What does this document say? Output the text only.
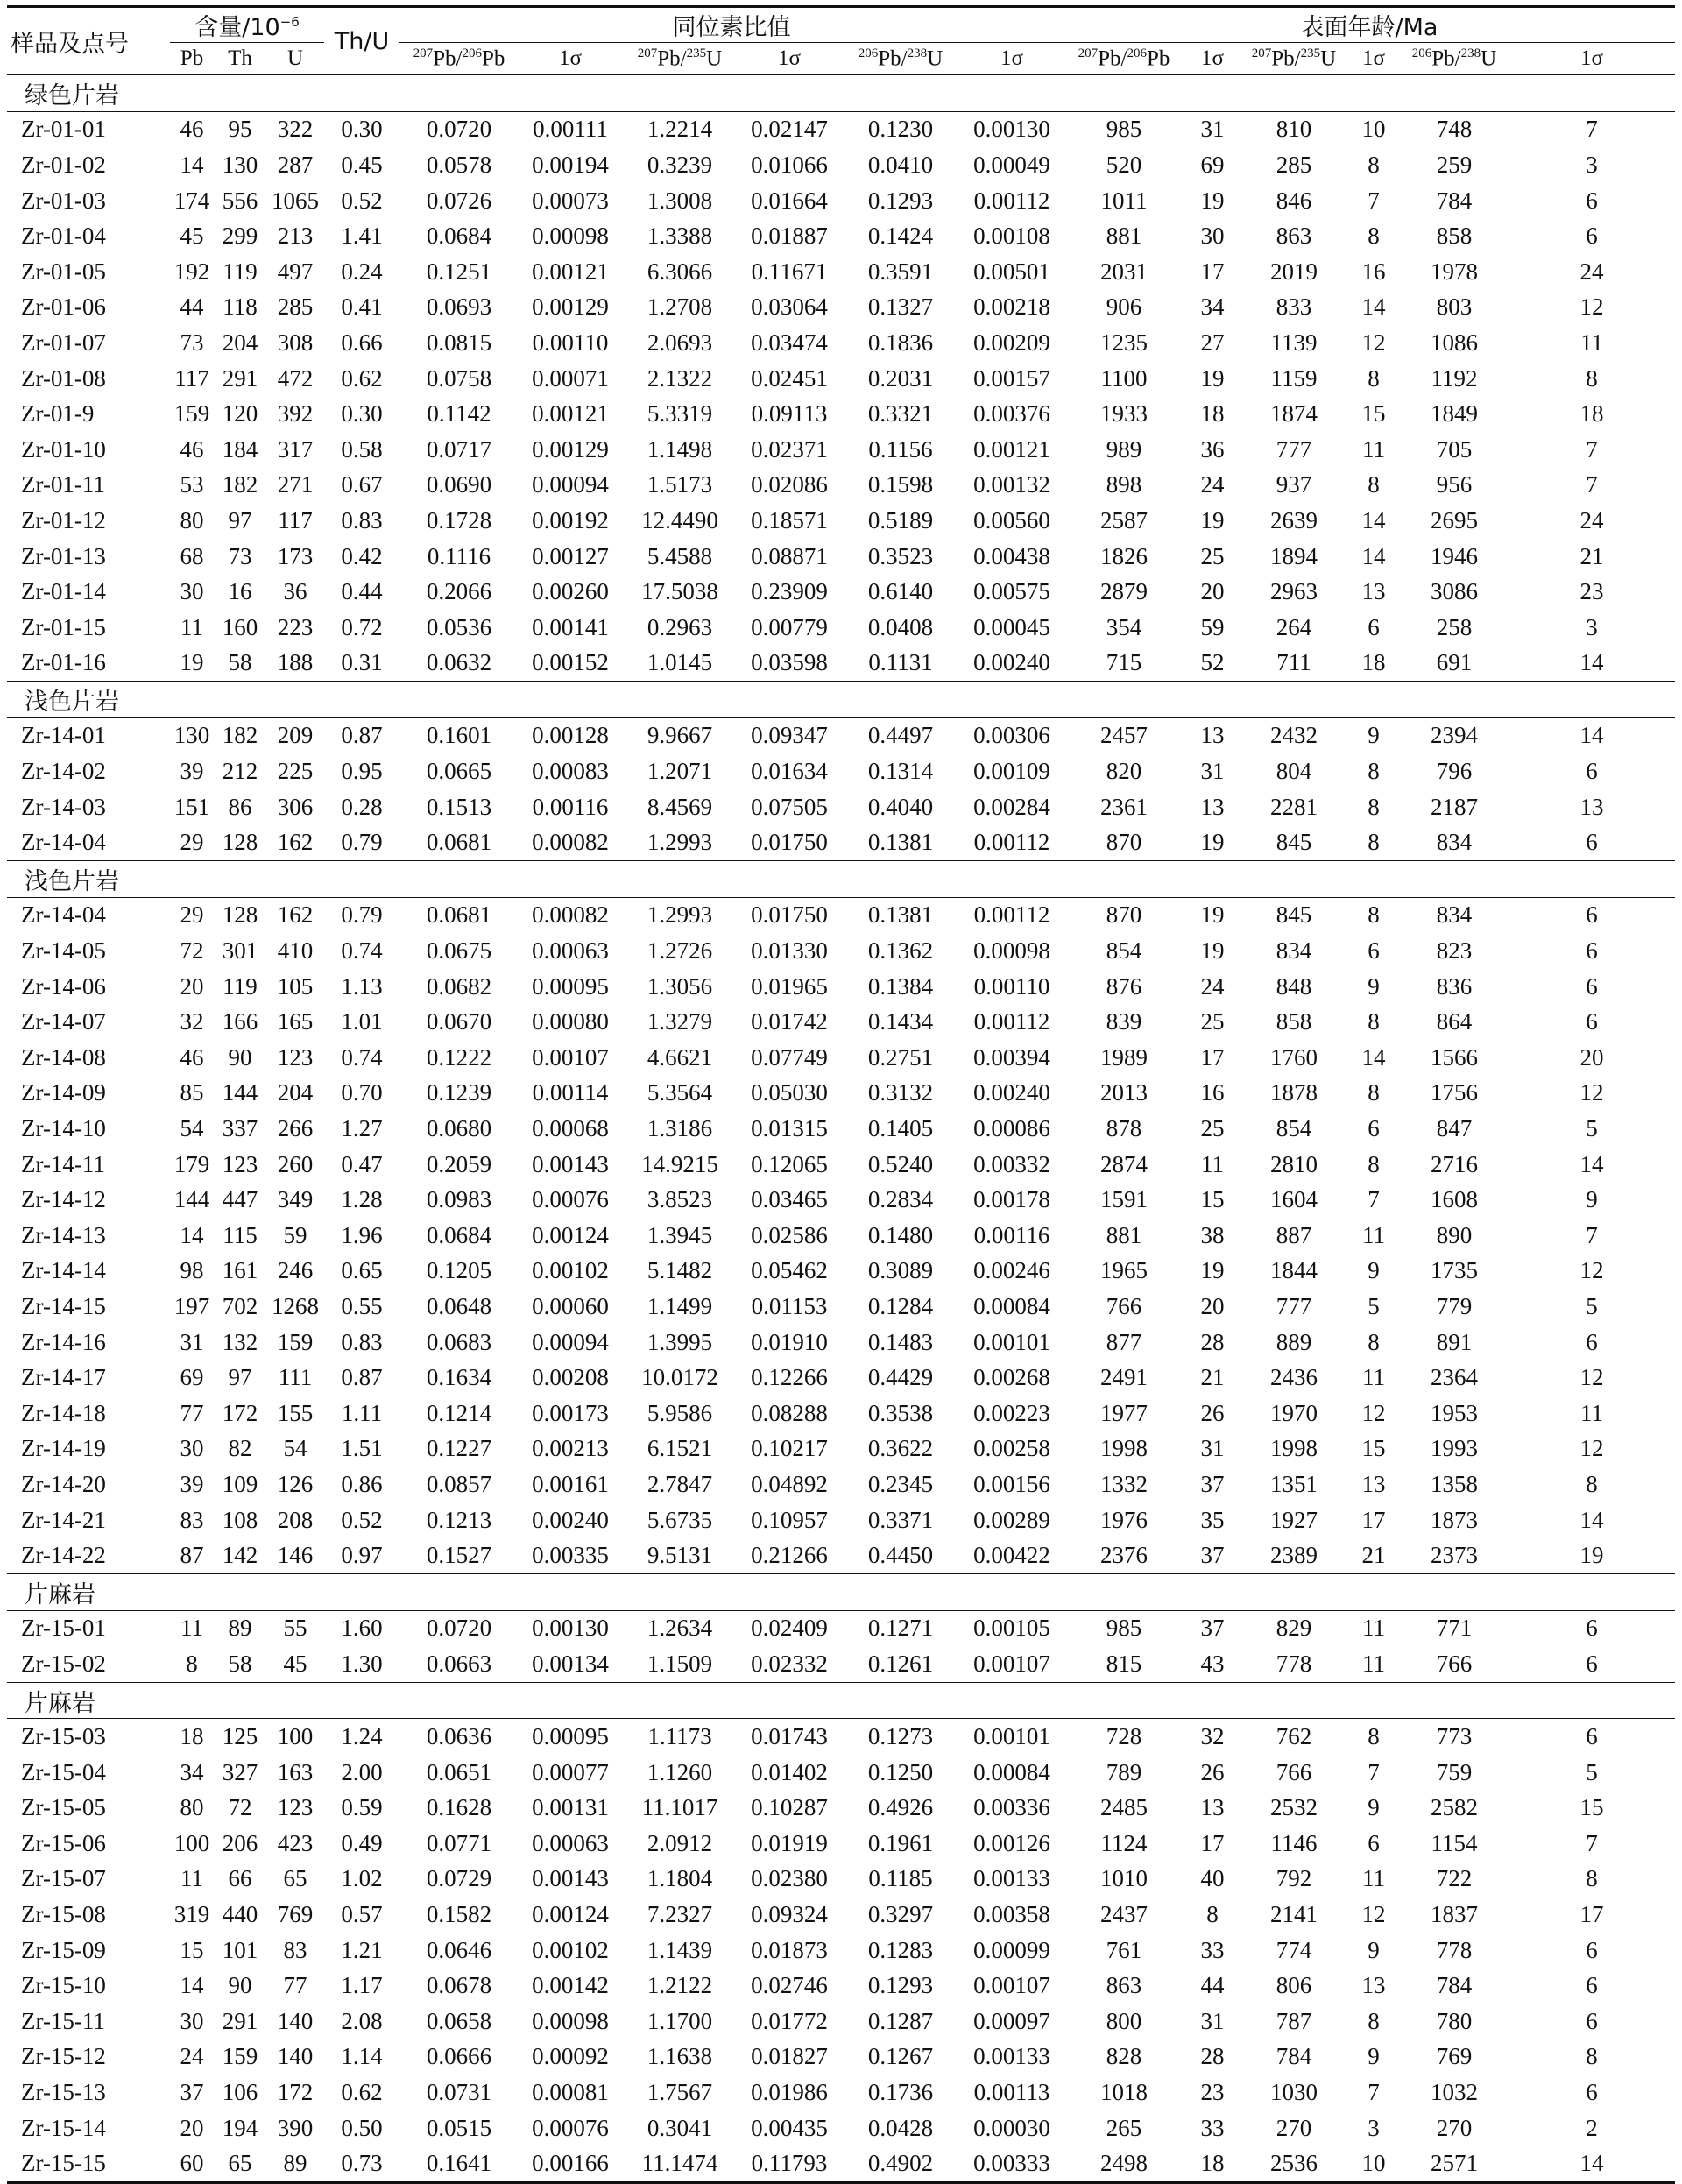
样品及点号	含量$/10^{-6}$			Th/U	同位素比值						表面年龄/Ma					
	Pb	Th	U		$^{207}$Pb/$^{206}$Pb	1σ	$^{207}$Pb/$^{235}$U	1σ	$^{206}$Pb/$^{238}$U	1σ	$^{207}$Pb/$^{206}$Pb	1σ	$^{207}$Pb/$^{235}$U	1σ	$^{206}$Pb/$^{238}$U	1σ
绿色片岩																
Zr-01-01	46	95	322	0.30	0.0720	0.00111	1.2214	0.02147	0.1230	0.00130	985	31	810	10	748	7
Zr-01-02	14	130	287	0.45	0.0578	0.00194	0.3239	0.01066	0.0410	0.00049	520	69	285	8	259	3
Zr-01-03	174	556	1065	0.52	0.0726	0.00073	1.3008	0.01664	0.1293	0.00112	1011	19	846	7	784	6
Zr-01-04	45	299	213	1.41	0.0684	0.00098	1.3388	0.01887	0.1424	0.00108	881	30	863	8	858	6
Zr-01-05	192	119	497	0.24	0.1251	0.00121	6.3066	0.11671	0.3591	0.00501	2031	17	2019	16	1978	24
Zr-01-06	44	118	285	0.41	0.0693	0.00129	1.2708	0.03064	0.1327	0.00218	906	34	833	14	803	12
Zr-01-07	73	204	308	0.66	0.0815	0.00110	2.0693	0.03474	0.1836	0.00209	1235	27	1139	12	1086	11
Zr-01-08	117	291	472	0.62	0.0758	0.00071	2.1322	0.02451	0.2031	0.00157	1100	19	1159	8	1192	8
Zr-01-9	159	120	392	0.30	0.1142	0.00121	5.3319	0.09113	0.3321	0.00376	1933	18	1874	15	1849	18
Zr-01-10	46	184	317	0.58	0.0717	0.00129	1.1498	0.02371	0.1156	0.00121	989	36	777	11	705	7
Zr-01-11	53	182	271	0.67	0.0690	0.00094	1.5173	0.02086	0.1598	0.00132	898	24	937	8	956	7
Zr-01-12	80	97	117	0.83	0.1728	0.00192	12.4490	0.18571	0.5189	0.00560	2587	19	2639	14	2695	24
Zr-01-13	68	73	173	0.42	0.1116	0.00127	5.4588	0.08871	0.3523	0.00438	1826	25	1894	14	1946	21
Zr-01-14	30	16	36	0.44	0.2066	0.00260	17.5038	0.23909	0.6140	0.00575	2879	20	2963	13	3086	23
Zr-01-15	11	160	223	0.72	0.0536	0.00141	0.2963	0.00779	0.0408	0.00045	354	59	264	6	258	3
Zr-01-16	19	58	188	0.31	0.0632	0.00152	1.0145	0.03598	0.1131	0.00240	715	52	711	18	691	14
浅色片岩																
Zr-14-01	130	182	209	0.87	0.1601	0.00128	9.9667	0.09347	0.4497	0.00306	2457	13	2432	9	2394	14
Zr-14-02	39	212	225	0.95	0.0665	0.00083	1.2071	0.01634	0.1314	0.00109	820	31	804	8	796	6
Zr-14-03	151	86	306	0.28	0.1513	0.00116	8.4569	0.07505	0.4040	0.00284	2361	13	2281	8	2187	13
Zr-14-04	29	128	162	0.79	0.0681	0.00082	1.2993	0.01750	0.1381	0.00112	870	19	845	8	834	6
浅色片岩																
Zr-14-04	29	128	162	0.79	0.0681	0.00082	1.2993	0.01750	0.1381	0.00112	870	19	845	8	834	6
Zr-14-05	72	301	410	0.74	0.0675	0.00063	1.2726	0.01330	0.1362	0.00098	854	19	834	6	823	6
Zr-14-06	20	119	105	1.13	0.0682	0.00095	1.3056	0.01965	0.1384	0.00110	876	24	848	9	836	6
Zr-14-07	32	166	165	1.01	0.0670	0.00080	1.3279	0.01742	0.1434	0.00112	839	25	858	8	864	6
Zr-14-08	46	90	123	0.74	0.1222	0.00107	4.6621	0.07749	0.2751	0.00394	1989	17	1760	14	1566	20
Zr-14-09	85	144	204	0.70	0.1239	0.00114	5.3564	0.05030	0.3132	0.00240	2013	16	1878	8	1756	12
Zr-14-10	54	337	266	1.27	0.0680	0.00068	1.3186	0.01315	0.1405	0.00086	878	25	854	6	847	5
Zr-14-11	179	123	260	0.47	0.2059	0.00143	14.9215	0.12065	0.5240	0.00332	2874	11	2810	8	2716	14
Zr-14-12	144	447	349	1.28	0.0983	0.00076	3.8523	0.03465	0.2834	0.00178	1591	15	1604	7	1608	9
Zr-14-13	14	115	59	1.96	0.0684	0.00124	1.3945	0.02586	0.1480	0.00116	881	38	887	11	890	7
Zr-14-14	98	161	246	0.65	0.1205	0.00102	5.1482	0.05462	0.3089	0.00246	1965	19	1844	9	1735	12
Zr-14-15	197	702	1268	0.55	0.0648	0.00060	1.1499	0.01153	0.1284	0.00084	766	20	777	5	779	5
Zr-14-16	31	132	159	0.83	0.0683	0.00094	1.3995	0.01910	0.1483	0.00101	877	28	889	8	891	6
Zr-14-17	69	97	111	0.87	0.1634	0.00208	10.0172	0.12266	0.4429	0.00268	2491	21	2436	11	2364	12
Zr-14-18	77	172	155	1.11	0.1214	0.00173	5.9586	0.08288	0.3538	0.00223	1977	26	1970	12	1953	11
Zr-14-19	30	82	54	1.51	0.1227	0.00213	6.1521	0.10217	0.3622	0.00258	1998	31	1998	15	1993	12
Zr-14-20	39	109	126	0.86	0.0857	0.00161	2.7847	0.04892	0.2345	0.00156	1332	37	1351	13	1358	8
Zr-14-21	83	108	208	0.52	0.1213	0.00240	5.6735	0.10957	0.3371	0.00289	1976	35	1927	17	1873	14
Zr-14-22	87	142	146	0.97	0.1527	0.00335	9.5131	0.21266	0.4450	0.00422	2376	37	2389	21	2373	19
片麻岩																
Zr-15-01	11	89	55	1.60	0.0720	0.00130	1.2634	0.02409	0.1271	0.00105	985	37	829	11	771	6
Zr-15-02	8	58	45	1.30	0.0663	0.00134	1.1509	0.02332	0.1261	0.00107	815	43	778	11	766	6
片麻岩																
Zr-15-03	18	125	100	1.24	0.0636	0.00095	1.1173	0.01743	0.1273	0.00101	728	32	762	8	773	6
Zr-15-04	34	327	163	2.00	0.0651	0.00077	1.1260	0.01402	0.1250	0.00084	789	26	766	7	759	5
Zr-15-05	80	72	123	0.59	0.1628	0.00131	11.1017	0.10287	0.4926	0.00336	2485	13	2532	9	2582	15
Zr-15-06	100	206	423	0.49	0.0771	0.00063	2.0912	0.01919	0.1961	0.00126	1124	17	1146	6	1154	7
Zr-15-07	11	66	65	1.02	0.0729	0.00143	1.1804	0.02380	0.1185	0.00133	1010	40	792	11	722	8
Zr-15-08	319	440	769	0.57	0.1582	0.00124	7.2327	0.09324	0.3297	0.00358	2437	8	2141	12	1837	17
Zr-15-09	15	101	83	1.21	0.0646	0.00102	1.1439	0.01873	0.1283	0.00099	761	33	774	9	778	6
Zr-15-10	14	90	77	1.17	0.0678	0.00142	1.2122	0.02746	0.1293	0.00107	863	44	806	13	784	6
Zr-15-11	30	291	140	2.08	0.0658	0.00098	1.1700	0.01772	0.1287	0.00097	800	31	787	8	780	6
Zr-15-12	24	159	140	1.14	0.0666	0.00092	1.1638	0.01827	0.1267	0.00133	828	28	784	9	769	8
Zr-15-13	37	106	172	0.62	0.0731	0.00081	1.7567	0.01986	0.1736	0.00113	1018	23	1030	7	1032	6
Zr-15-14	20	194	390	0.50	0.0515	0.00076	0.3041	0.00435	0.0428	0.00030	265	33	270	3	270	2
Zr-15-15	60	65	89	0.73	0.1641	0.00166	11.1474	0.11793	0.4902	0.00333	2498	18	2536	10	2571	14
